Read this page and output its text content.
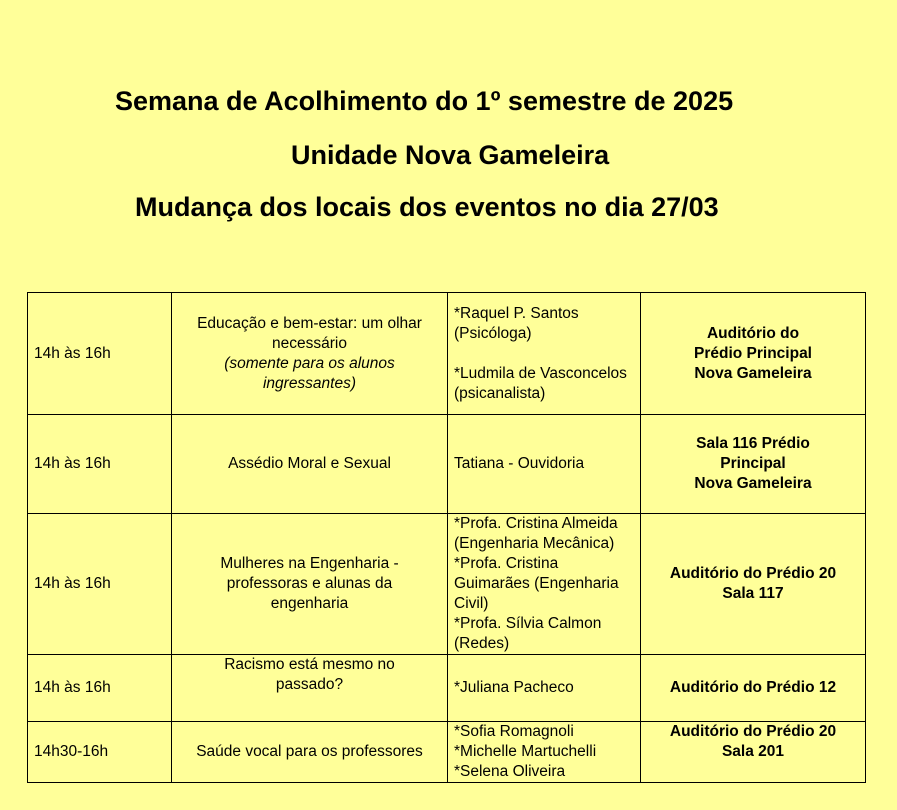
Semana de Acolhimento do 1º semestre de 2025
Unidade Nova Gameleira
Mudança dos locais dos eventos no dia 27/03
14h às 16h	Educação e bem-estar: um olhar necessário
(somente para os alunos ingressantes)	*Raquel P. Santos (Psicóloga)
*Ludmila de Vasconcelos (psicanalista)	Auditório do
Prédio Principal
Nova Gameleira

14h às 16h	Assédio Moral e Sexual	Tatiana - Ouvidoria	Sala 116 Prédio Principal
Nova Gameleira

14h às 16h	Mulheres na Engenharia - professoras e alunas da engenharia	*Profa. Cristina Almeida (Engenharia Mecânica)
*Profa. Cristina Guimarães (Engenharia Civil)
*Profa. Sílvia Calmon (Redes)	Auditório do Prédio 20
Sala 117

14h às 16h	Racismo está mesmo no passado?	*Juliana Pacheco	Auditório do Prédio 12

14h30-16h	Saúde vocal para os professores	*Sofia Romagnoli
*Michelle Martuchelli
*Selena Oliveira	Auditório do Prédio 20
Sala 201
